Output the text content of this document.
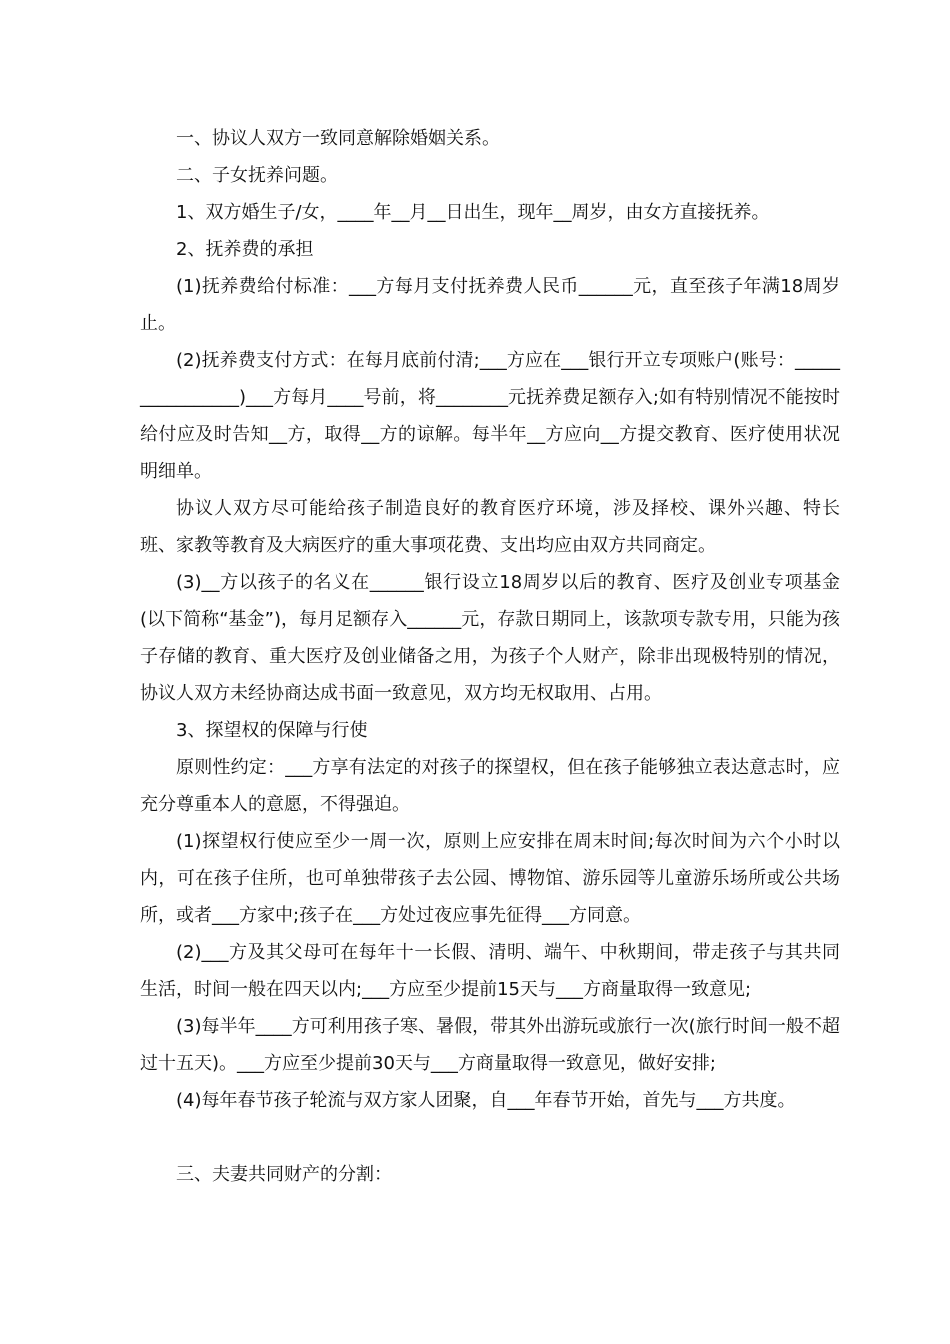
一、协议人双方一致同意解除婚姻关系。

二、子女抚养问题。

1、双方婚生子/女，____年__月__日出生，现年__周岁，由女方直接抚养。

2、抚养费的承担

(1)抚养费给付标准：___方每月支付抚养费人民币______元，直至孩子年满18周岁止。

(2)抚养费支付方式：在每月底前付清;___方应在___银行开立专项账户(账号：________________)___方每月____号前，将________元抚养费足额存入;如有特别情况不能按时给付应及时告知__方，取得__方的谅解。每半年__方应向__方提交教育、医疗使用状况明细单。

协议人双方尽可能给孩子制造良好的教育医疗环境，涉及择校、课外兴趣、特长班、家教等教育及大病医疗的重大事项花费、支出均应由双方共同商定。

(3)__方以孩子的名义在______银行设立18周岁以后的教育、医疗及创业专项基金(以下简称“基金”)，每月足额存入______元，存款日期同上，该款项专款专用，只能为孩子存储的教育、重大医疗及创业储备之用，为孩子个人财产，除非出现极特别的情况，协议人双方未经协商达成书面一致意见，双方均无权取用、占用。

3、探望权的保障与行使

原则性约定：___方享有法定的对孩子的探望权，但在孩子能够独立表达意志时，应充分尊重本人的意愿，不得强迫。

(1)探望权行使应至少一周一次，原则上应安排在周末时间;每次时间为六个小时以内，可在孩子住所，也可单独带孩子去公园、博物馆、游乐园等儿童游乐场所或公共场所，或者___方家中;孩子在___方处过夜应事先征得___方同意。

(2)___方及其父母可在每年十一长假、清明、端午、中秋期间，带走孩子与其共同生活，时间一般在四天以内;___方应至少提前15天与___方商量取得一致意见;

(3)每半年____方可利用孩子寒、暑假，带其外出游玩或旅行一次(旅行时间一般不超过十五天)。___方应至少提前30天与___方商量取得一致意见，做好安排;

(4)每年春节孩子轮流与双方家人团聚，自___年春节开始，首先与___方共度。

三、夫妻共同财产的分割：
